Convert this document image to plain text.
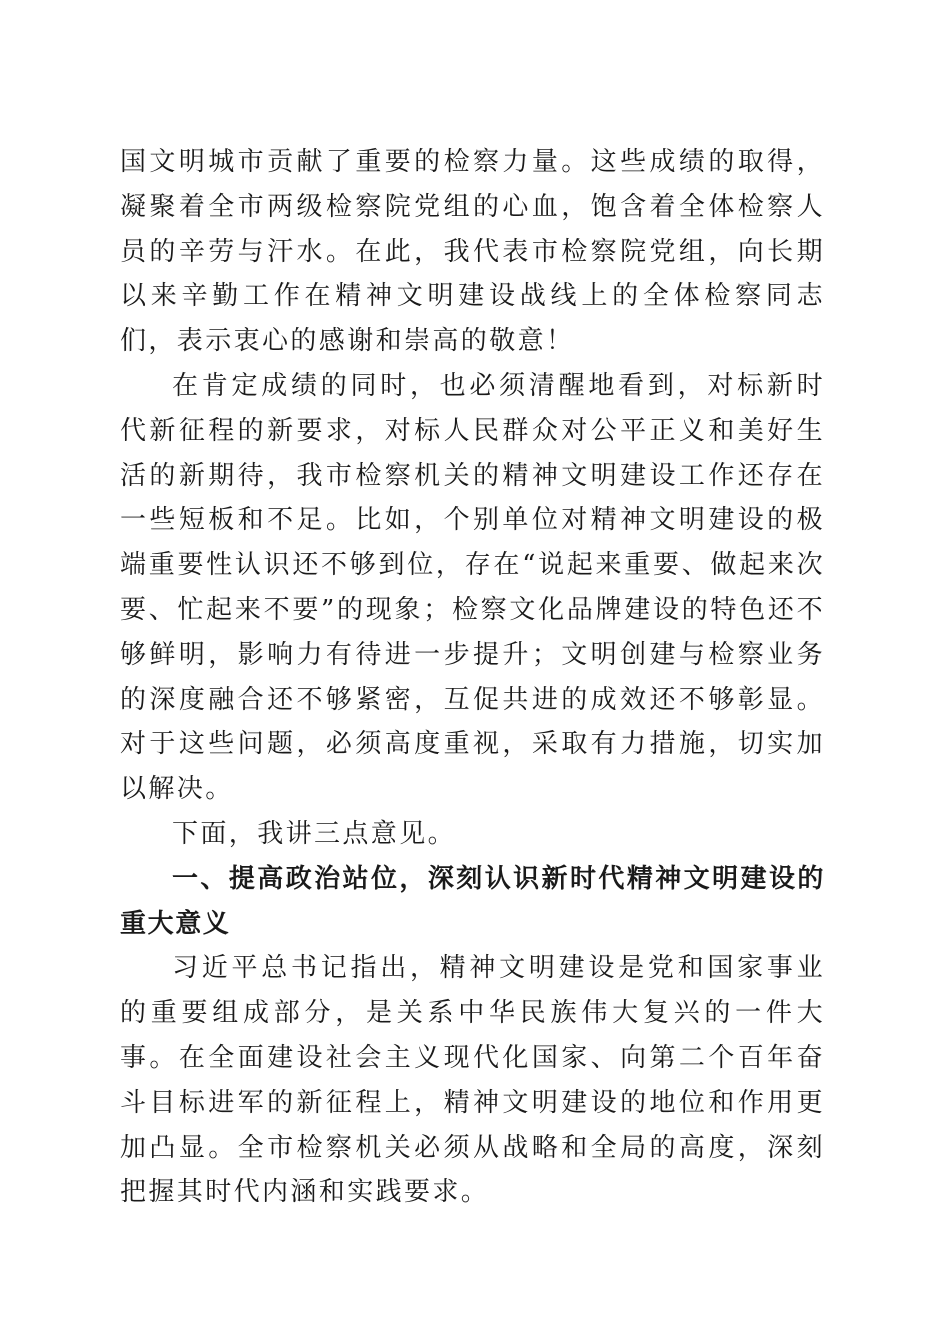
国文明城市贡献了重要的检察力量。这些成绩的取得，凝聚着全市两级检察院党组的心血，饱含着全体检察人员的辛劳与汗水。在此，我代表市检察院党组，向长期以来辛勤工作在精神文明建设战线上的全体检察同志们，表示衷心的感谢和崇高的敬意！

在肯定成绩的同时，也必须清醒地看到，对标新时代新征程的新要求，对标人民群众对公平正义和美好生活的新期待，我市检察机关的精神文明建设工作还存在一些短板和不足。比如，个别单位对精神文明建设的极端重要性认识还不够到位，存在“说起来重要、做起来次要、忙起来不要”的现象；检察文化品牌建设的特色还不够鲜明，影响力有待进一步提升；文明创建与检察业务的深度融合还不够紧密，互促共进的成效还不够彰显。对于这些问题，必须高度重视，采取有力措施，切实加以解决。

下面，我讲三点意见。

一、提高政治站位，深刻认识新时代精神文明建设的重大意义

习近平总书记指出，精神文明建设是党和国家事业的重要组成部分，是关系中华民族伟大复兴的一件大事。在全面建设社会主义现代化国家、向第二个百年奋斗目标进军的新征程上，精神文明建设的地位和作用更加凸显。全市检察机关必须从战略和全局的高度，深刻把握其时代内涵和实践要求。
